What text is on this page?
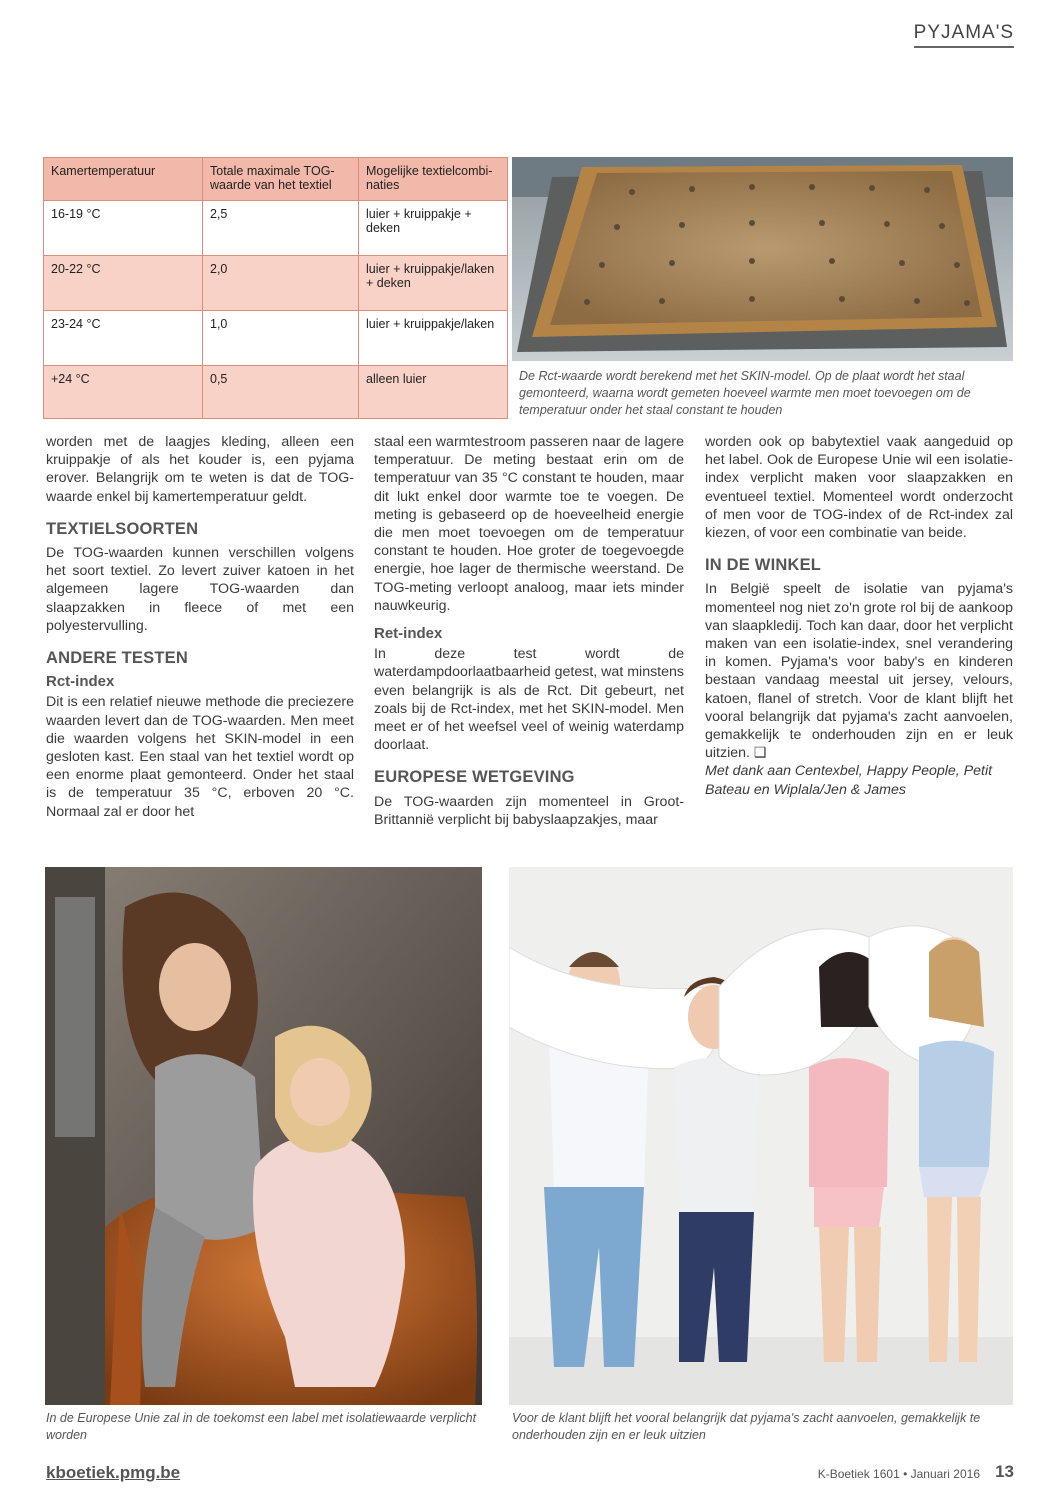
PYJAMA'S
Kamertemperatuur	Totale maximale TOG-waarde van het textiel	Mogelijke textielcombi-naties
16-19 °C	2,5	luier + kruippakje + deken
20-22 °C	2,0	luier + kruippakje/laken + deken
23-24 °C	1,0	luier + kruippakje/laken
+24 °C	0,5	alleen luier	De Rct-waarde wordt berekend met het SKIN-model. Op de plaat wordt het staal gemonteerd, waarna wordt gemeten hoeveel warmte men moet toevoegen om de temperatuur onder het staal constant te houden

worden met de laagjes kleding, alleen een kruippakje of als het kouder is, een pyjama erover. Belangrijk om te weten is dat de TOG-waarde enkel bij kamertemperatuur geldt.

TEXTIELSOORTEN

De TOG-waarden kunnen verschillen volgens het soort textiel. Zo levert zuiver katoen in het algemeen lagere TOG-waarden dan slaapzakken in fleece of met een polyestervulling.

ANDERE TESTEN
Rct-index

Dit is een relatief nieuwe methode die preciezere waarden levert dan de TOG-waarden. Men meet die waarden volgens het SKIN-model in een gesloten kast. Een staal van het textiel wordt op een enorme plaat gemonteerd. Onder het staal is de temperatuur 35 °C, erboven 20 °C. Normaal zal er door het

staal een warmtestroom passeren naar de lagere temperatuur. De meting bestaat erin om de temperatuur van 35 °C constant te houden, maar dit lukt enkel door warmte toe te voegen. De meting is gebaseerd op de hoeveelheid energie die men moet toevoegen om de temperatuur constant te houden. Hoe groter de toegevoegde energie, hoe lager de thermische weerstand. De TOG-meting verloopt analoog, maar iets minder nauwkeurig.

Ret-index

In deze test wordt de waterdampdoorlaatbaarheid getest, wat minstens even belangrijk is als de Rct. Dit gebeurt, net zoals bij de Rct-index, met het SKIN-model. Men meet er of het weefsel veel of weinig waterdamp doorlaat.

EUROPESE WETGEVING

De TOG-waarden zijn momenteel in Groot-Brittannië verplicht bij babyslaapzakjes, maar

worden ook op babytextiel vaak aangeduid op het label. Ook de Europese Unie wil een isolatie-index verplicht maken voor slaapzakken en eventueel textiel. Momenteel wordt onderzocht of men voor de TOG-index of de Rct-index zal kiezen, of voor een combinatie van beide.

IN DE WINKEL

In België speelt de isolatie van pyjama's momenteel nog niet zo'n grote rol bij de aankoop van slaapkledij. Toch kan daar, door het verplicht maken van een isolatie-index, snel verandering in komen. Pyjama's voor baby's en kinderen bestaan vandaag meestal uit jersey, velours, katoen, flanel of stretch. Voor de klant blijft het vooral belangrijk dat pyjama's zacht aanvoelen, gemakkelijk te onderhouden zijn en er leuk uitzien. ❑

Met dank aan Centexbel, Happy People, Petit Bateau en Wiplala/Jen & James

In de Europese Unie zal in de toekomst een label met isolatiewaarde verplicht worden
Voor de klant blijft het vooral belangrijk dat pyjama's zacht aanvoelen, gemakkelijk te onderhouden zijn en er leuk uitzien
kboetiek.pmg.be	K-Boetiek 1601 • Januari 2016 13
